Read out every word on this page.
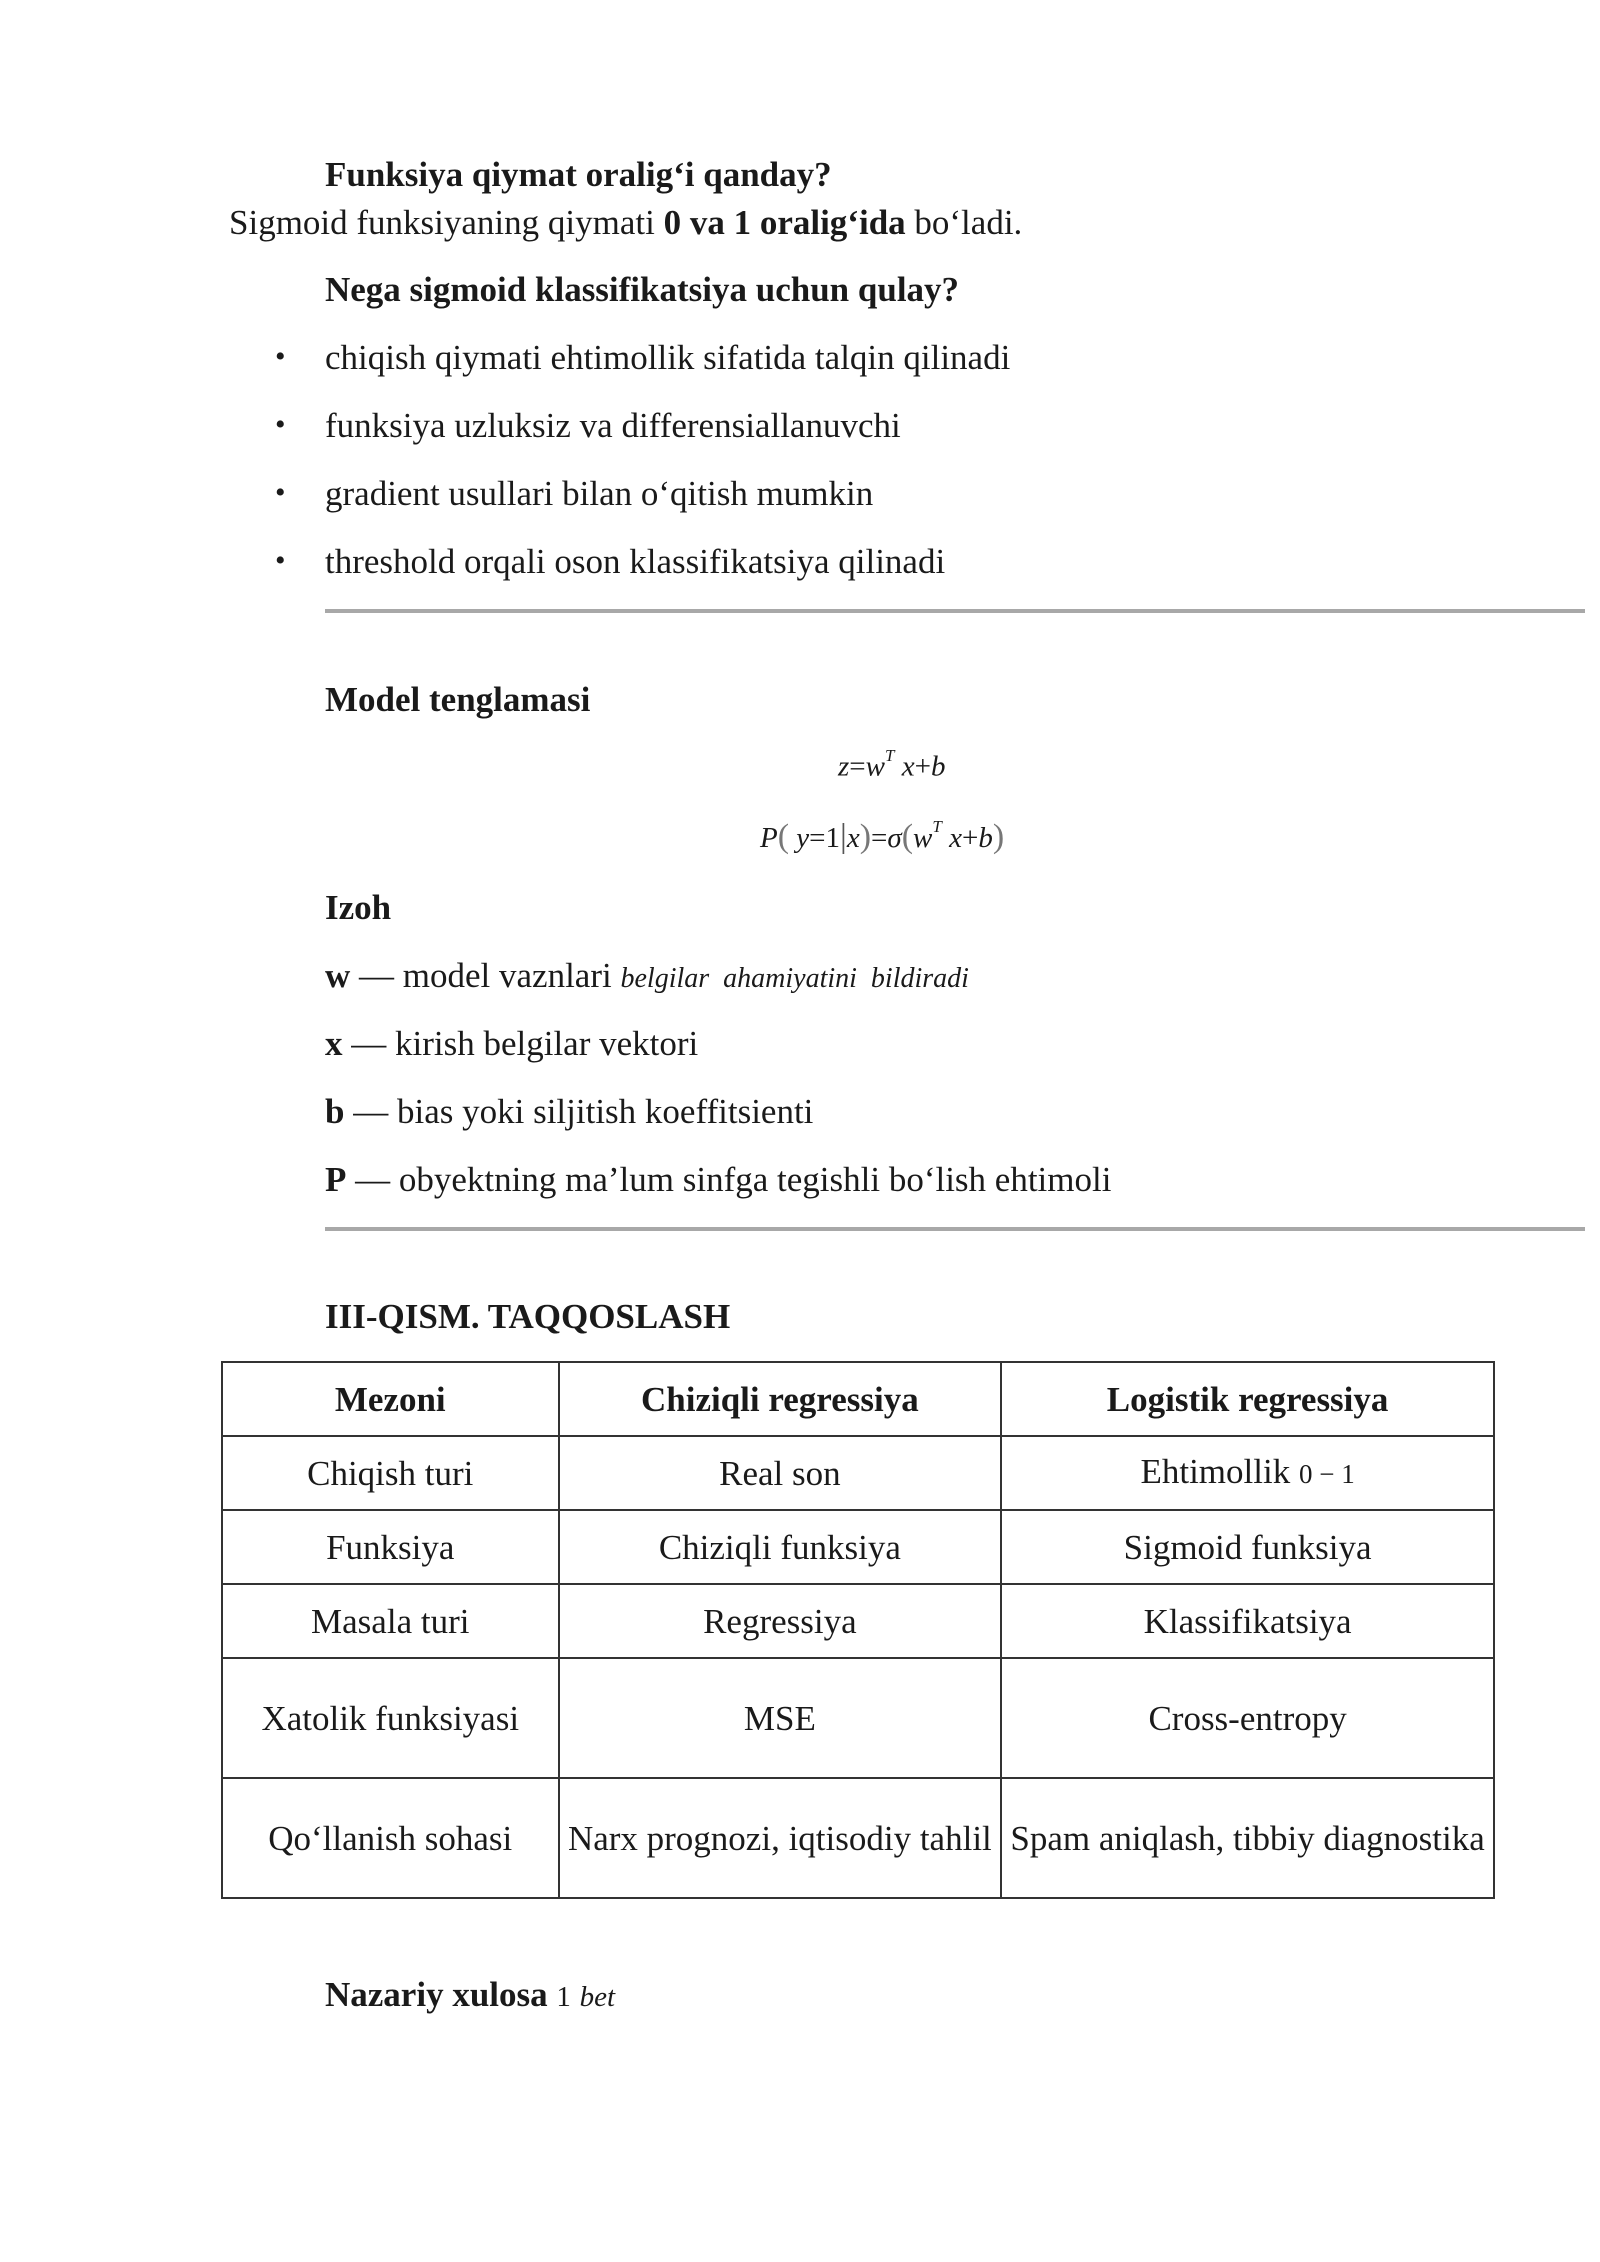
Funksiya qiymat oralig‘i qanday?
Sigmoid funksiyaning qiymati 0 va 1 oralig‘ida bo‘ladi.
Nega sigmoid klassifikatsiya uchun qulay?
• chiqish qiymati ehtimollik sifatida talqin qilinadi
• funksiya uzluksiz va differensiallanuvchi
• gradient usullari bilan o‘qitish mumkin
• threshold orqali oson klassifikatsiya qilinadi
Model tenglamasi
$z=w^T$ x+b
P( $y=1|x)=\sigma(w^T$ x+b)
Izoh
w — model vaznlari belgilar  ahamiyatini  bildiradi
x — kirish belgilar vektori
b — bias yoki siljitish koeffitsienti
P — obyektning ma’lum sinfga tegishli bo‘lish ehtimoli
III-QISM. TAQQOSLASH
Mezoni	Chiziqli regressiya	Logistik regressiya
Chiqish turi	Real son	Ehtimollik 0 − 1
Funksiya	Chiziqli funksiya	Sigmoid funksiya
Masala turi	Regressiya	Klassifikatsiya
Xatolik funksiyasi	MSE	Cross-entropy
Qo‘llanish sohasi	Narx prognozi, iqtisodiy tahlil	Spam aniqlash, tibbiy diagnostika
Nazariy xulosa 1 bet
